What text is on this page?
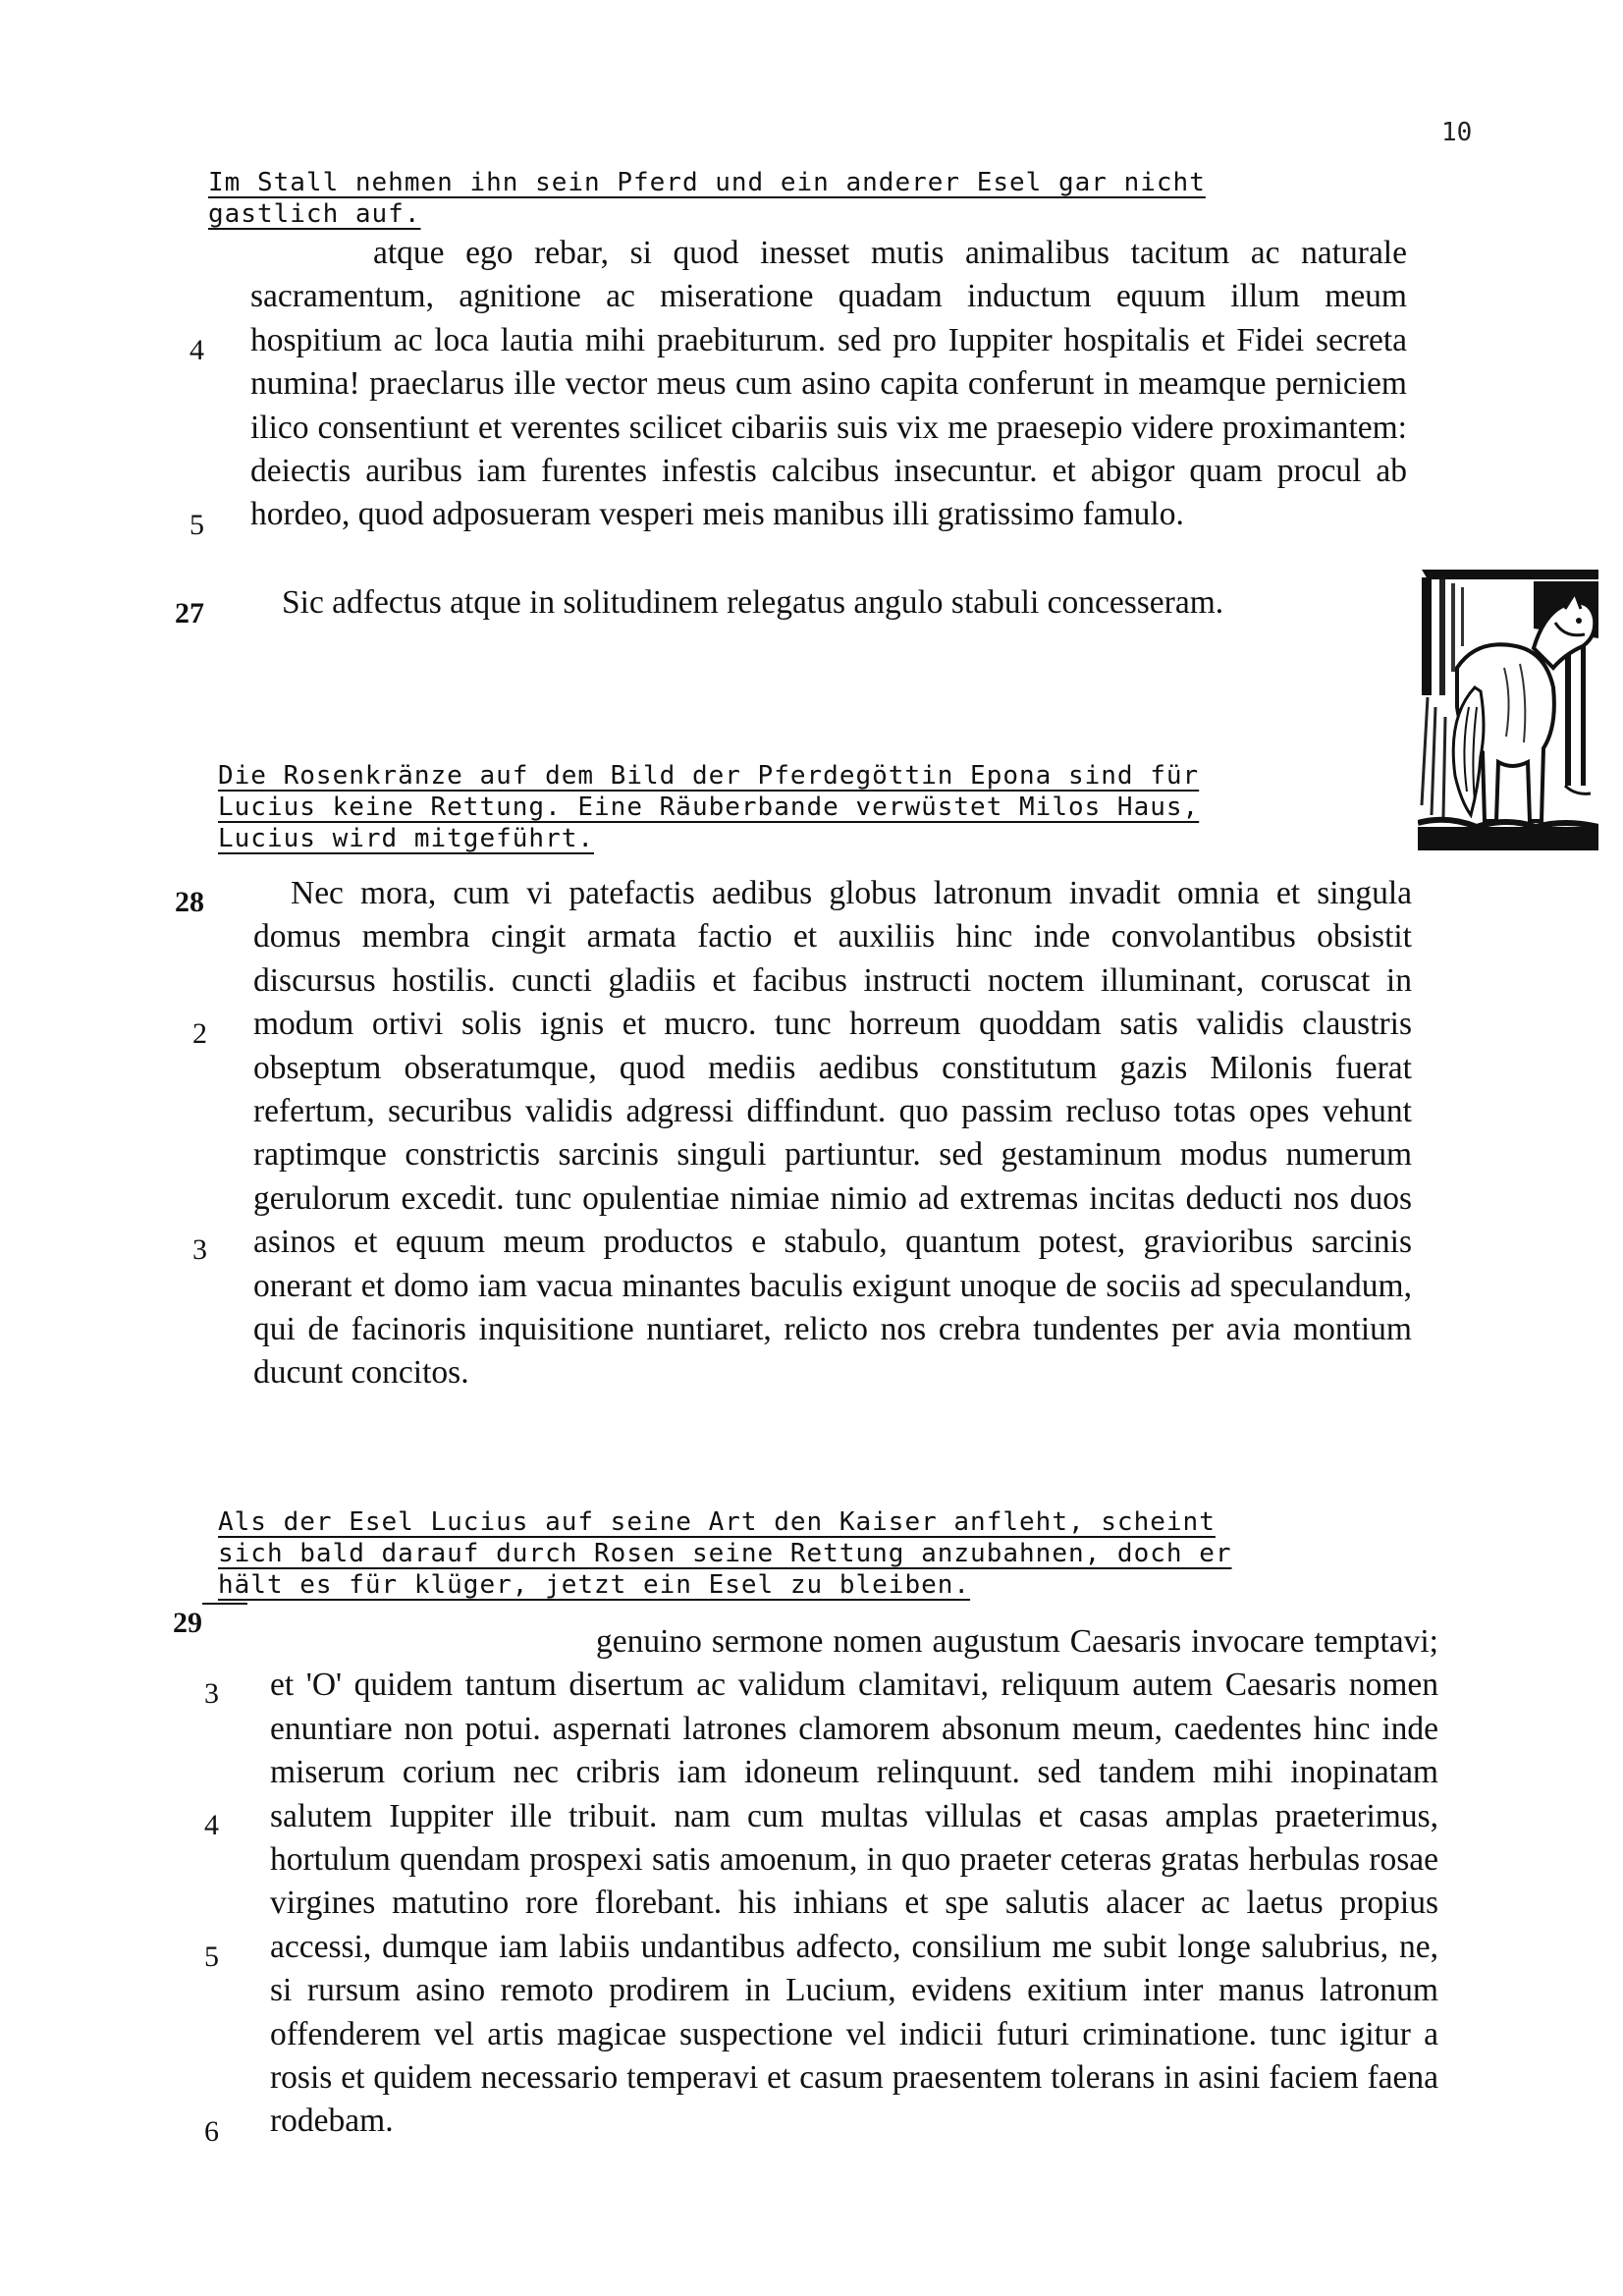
10
Im Stall nehmen ihn sein Pferd und ein anderer Esel gar nicht
gastlich auf.
atque ego rebar, si quod inesset mutis animalibus tacitum ac naturale sacramentum, agnitione ac miseratione quadam inductum equum illum meum hospitium ac loca lautia mihi praebiturum. sed pro Iuppiter hospitalis et Fidei secreta numina! praeclarus ille vector meus cum asino capita conferunt in meamque perniciem ilico consentiunt et verentes scilicet cibariis suis vix me praesepio videre proximantem: deiectis auribus iam furentes infestis calcibus insecuntur. et abigor quam procul ab hordeo, quod adposueram vesperi meis manibus illi gratissimo famulo.
Sic adfectus atque in solitudinem relegatus angulo stabuli concesseram.
4
5
27
Die Rosenkränze auf dem Bild der Pferdegöttin Epona sind für
Lucius keine Rettung. Eine Räuberbande verwüstet Milos Haus,
Lucius wird mitgeführt.
Nec mora, cum vi patefactis aedibus globus latronum invadit omnia et singula domus membra cingit armata factio et auxiliis hinc inde convolantibus obsistit discursus hostilis. cuncti gladiis et facibus instructi noctem illuminant, coruscat in modum ortivi solis ignis et mucro. tunc horreum quoddam satis validis claustris obseptum obseratumque, quod mediis aedibus constitutum gazis Milonis fuerat refertum, securibus validis adgressi diffindunt. quo passim recluso totas opes vehunt raptimque constrictis sarcinis singuli partiuntur. sed gestaminum modus numerum gerulorum excedit. tunc opulentiae nimiae nimio ad extremas incitas deducti nos duos asinos et equum meum productos e stabulo, quantum potest, gravioribus sarcinis onerant et domo iam vacua minantes baculis exigunt unoque de sociis ad speculandum, qui de facinoris inquisitione nuntiaret, relicto nos crebra tundentes per avia montium ducunt concitos.
28
2
3
Als der Esel Lucius auf seine Art den Kaiser anfleht, scheint
sich bald darauf durch Rosen seine Rettung anzubahnen, doch er
hält es für klüger, jetzt ein Esel zu bleiben.
29
genuino sermone nomen augustum Caesaris invocare temptavi; et 'O' quidem tantum disertum ac validum clamitavi, reliquum autem Caesaris nomen enuntiare non potui. aspernati latrones clamorem absonum meum, caedentes hinc inde miserum corium nec cribris iam idoneum relinquunt. sed tandem mihi inopinatam salutem Iuppiter ille tribuit. nam cum multas villulas et casas amplas praeterimus, hortulum quendam prospexi satis amoenum, in quo praeter ceteras gratas herbulas rosae virgines matutino rore florebant. his inhians et spe salutis alacer ac laetus propius accessi, dumque iam labiis undantibus adfecto, consilium me subit longe salubrius, ne, si rursum asino remoto prodirem in Lucium, evidens exitium inter manus latronum offenderem vel artis magicae suspectione vel indicii futuri criminatione. tunc igitur a rosis et quidem necessario temperavi et casum praesentem tolerans in asini faciem faena rodebam.
3
4
5
6
